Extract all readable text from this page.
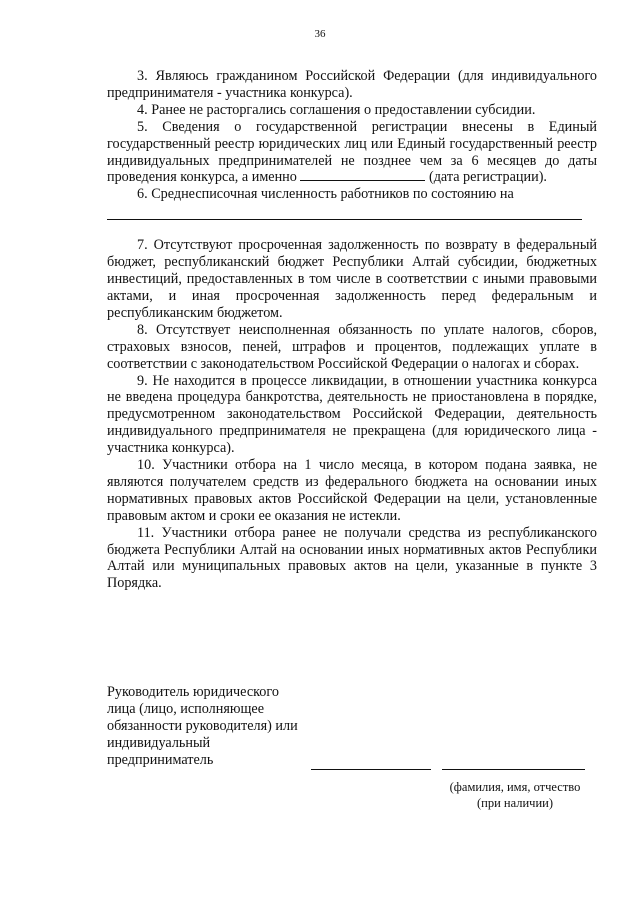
36

3. Являюсь гражданином Российской Федерации (для индивидуального предпринимателя - участника конкурса).

4. Ранее не расторгались соглашения о предоставлении субсидии.

5. Сведения о государственной регистрации внесены в Единый государственный реестр юридических лиц или Единый государственный реестр индивидуальных предпринимателей не позднее чем за 6 месяцев до даты проведения конкурса, а именно	(дата регистрации).

6. Среднесписочная численность работников по состоянию на

7. Отсутствуют просроченная задолженность по возврату в федеральный бюджет, республиканский бюджет Республики Алтай субсидии, бюджетных инвестиций, предоставленных в том числе в соответствии с иными правовыми актами, и иная просроченная задолженность перед федеральным и республиканским бюджетом.

8. Отсутствует неисполненная обязанность по уплате налогов, сборов, страховых взносов, пеней, штрафов и процентов, подлежащих уплате в соответствии с законодательством Российской Федерации о налогах и сборах.

9. Не находится в процессе ликвидации, в отношении участника конкурса не введена процедура банкротства, деятельность не приостановлена в порядке, предусмотренном законодательством Российской Федерации, деятельность индивидуального предпринимателя не прекращена (для юридического лица - участника конкурса).

10. Участники отбора на 1 число месяца, в котором подана заявка, не являются получателем средств из федерального бюджета на основании иных нормативных правовых актов Российской Федерации на цели, установленные правовым актом и сроки ее оказания не истекли.

11. Участники отбора ранее не получали средства из республиканского бюджета Республики Алтай на основании иных нормативных актов Республики Алтай или муниципальных правовых актов на цели, указанные в пункте 3 Порядка.

Руководитель юридического
лица (лицо, исполняющее
обязанности руководителя) или
индивидуальный
предприниматель
(фамилия, имя, отчество
(при наличии)
